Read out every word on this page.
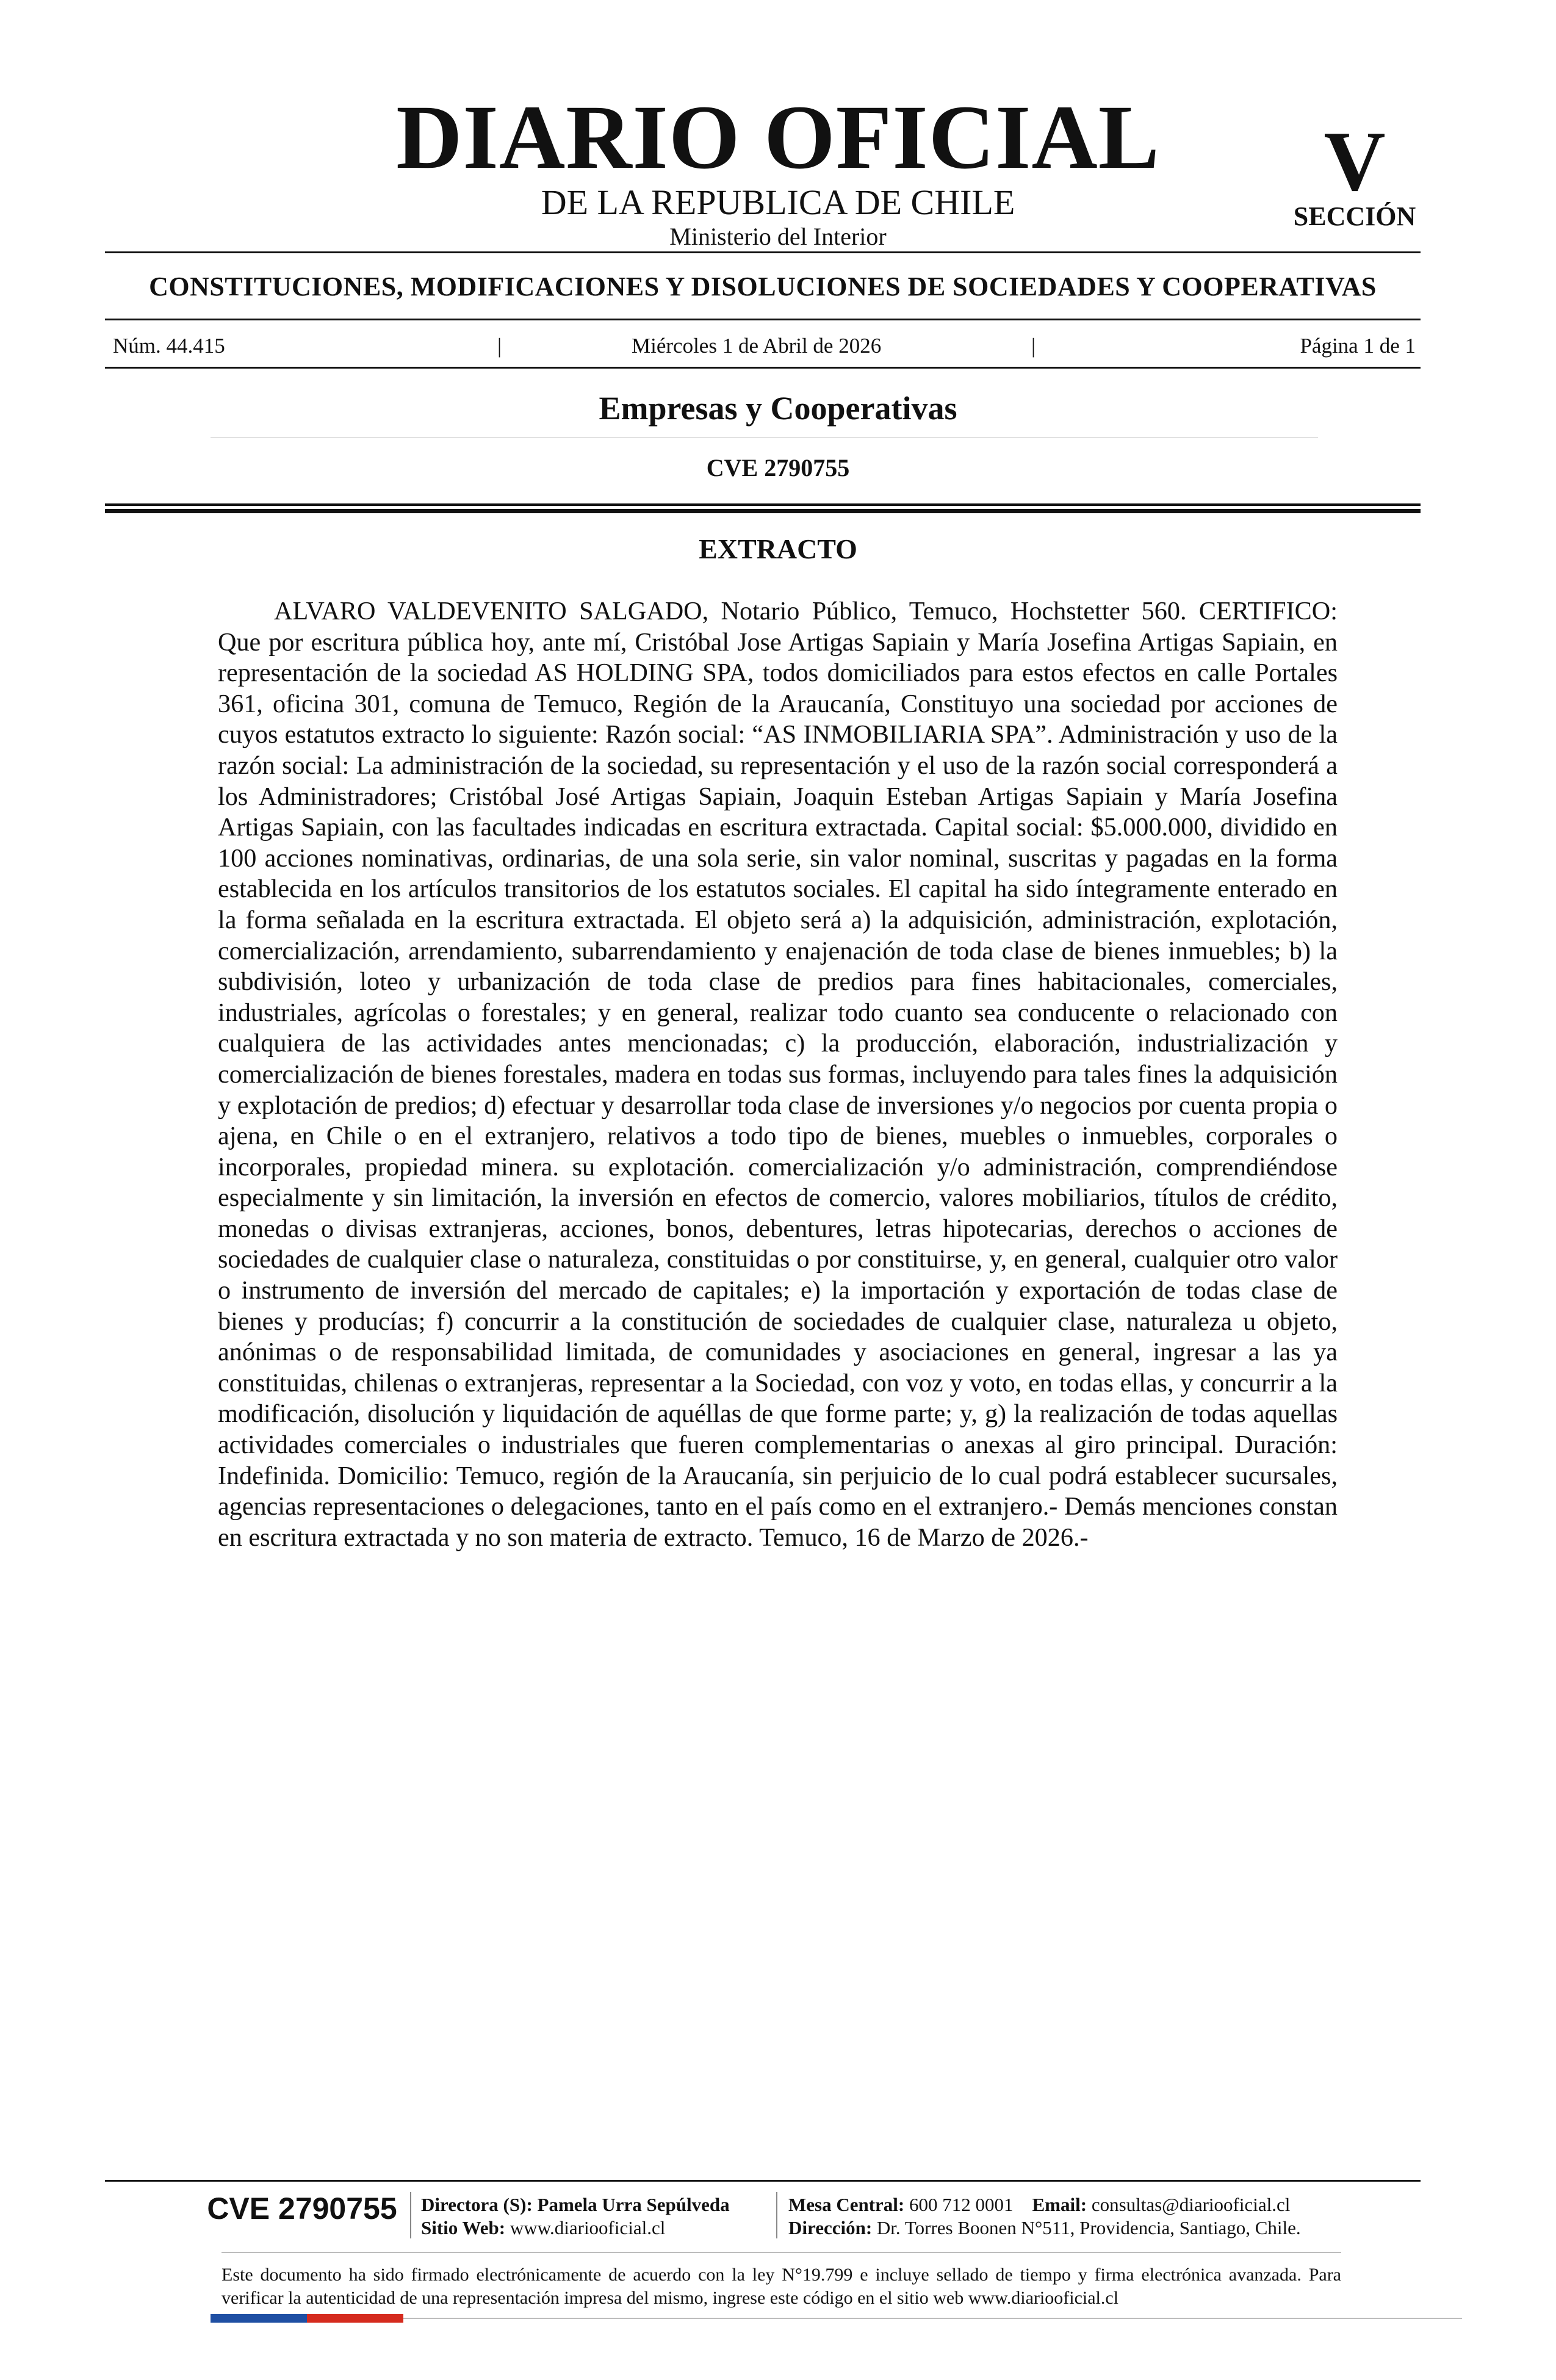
DIARIO OFICIAL
DE LA REPUBLICA DE CHILE
Ministerio del Interior
V
SECCIÓN
CONSTITUCIONES, MODIFICACIONES Y DISOLUCIONES DE SOCIEDADES Y COOPERATIVAS
Núm. 44.415	|	Miércoles 1 de Abril de 2026	|	Página 1 de 1
Empresas y Cooperativas
CVE 2790755
EXTRACTO

ALVARO VALDEVENITO SALGADO, Notario Público, Temuco, Hochstetter 560. CERTIFICO: Que por escritura pública hoy, ante mí, Cristóbal Jose Artigas Sapiain y María Josefina Artigas Sapiain, en representación de la sociedad AS HOLDING SPA, todos domiciliados para estos efectos en calle Portales 361, oficina 301, comuna de Temuco, Región de la Araucanía, Constituyo una sociedad por acciones de cuyos estatutos extracto lo siguiente: Razón social: “AS INMOBILIARIA SPA”. Administración y uso de la razón social: La administración de la sociedad, su representación y el uso de la razón social corresponderá a los Administradores; Cristóbal José Artigas Sapiain, Joaquin Esteban Artigas Sapiain y María Josefina Artigas Sapiain, con las facultades indicadas en escritura extractada. Capital social: $5.000.000, dividido en 100 acciones nominativas, ordinarias, de una sola serie, sin valor nominal, suscritas y pagadas en la forma establecida en los artículos transitorios de los estatutos sociales. El capital ha sido íntegramente enterado en la forma señalada en la escritura extractada. El objeto será a) la adquisición, administración, explotación, comercialización, arrendamiento, subarrendamiento y enajenación de toda clase de bienes inmuebles; b) la subdivisión, loteo y urbanización de toda clase de predios para fines habitacionales, comerciales, industriales, agrícolas o forestales; y en general, realizar todo cuanto sea conducente o relacionado con cualquiera de las actividades antes mencionadas; c) la producción, elaboración, industrialización y comercialización de bienes forestales, madera en todas sus formas, incluyendo para tales fines la adquisición y explotación de predios; d) efectuar y desarrollar toda clase de inversiones y/o negocios por cuenta propia o ajena, en Chile o en el extranjero, relativos a todo tipo de bienes, muebles o inmuebles, corporales o incorporales, propiedad minera. su explotación. comercialización y/o administración, comprendiéndose especialmente y sin limitación, la inversión en efectos de comercio, valores mobiliarios, títulos de crédito, monedas o divisas extranjeras, acciones, bonos, debentures, letras hipotecarias, derechos o acciones de sociedades de cualquier clase o naturaleza, constituidas o por constituirse, y, en general, cualquier otro valor o instrumento de inversión del mercado de capitales; e) la importación y exportación de todas clase de bienes y producías; f) concurrir a la constitución de sociedades de cualquier clase, naturaleza u objeto, anónimas o de responsabilidad limitada, de comunidades y asociaciones en general, ingresar a las ya constituidas, chilenas o extranjeras, representar a la Sociedad, con voz y voto, en todas ellas, y concurrir a la modificación, disolución y liquidación de aquéllas de que forme parte; y, g) la realización de todas aquellas actividades comerciales o industriales que fueren complementarias o anexas al giro principal. Duración: Indefinida. Domicilio: Temuco, región de la Araucanía, sin perjuicio de lo cual podrá establecer sucursales, agencias representaciones o delegaciones, tanto en el país como en el extranjero.- Demás menciones constan en escritura extractada y no son materia de extracto. Temuco, 16 de Marzo de 2026.-

CVE 2790755	Directora (S): Pamela Urra Sepúlveda
Sitio Web: www.diariooficial.cl
Mesa Central: 600 712 0001 Email: consultas@diariooficial.cl
Dirección: Dr. Torres Boonen N°511, Providencia, Santiago, Chile.
Este documento ha sido firmado electrónicamente de acuerdo con la ley N°19.799 e incluye sellado de tiempo y firma electrónica avanzada. Para verificar la autenticidad de una representación impresa del mismo, ingrese este código en el sitio web www.diariooficial.cl
